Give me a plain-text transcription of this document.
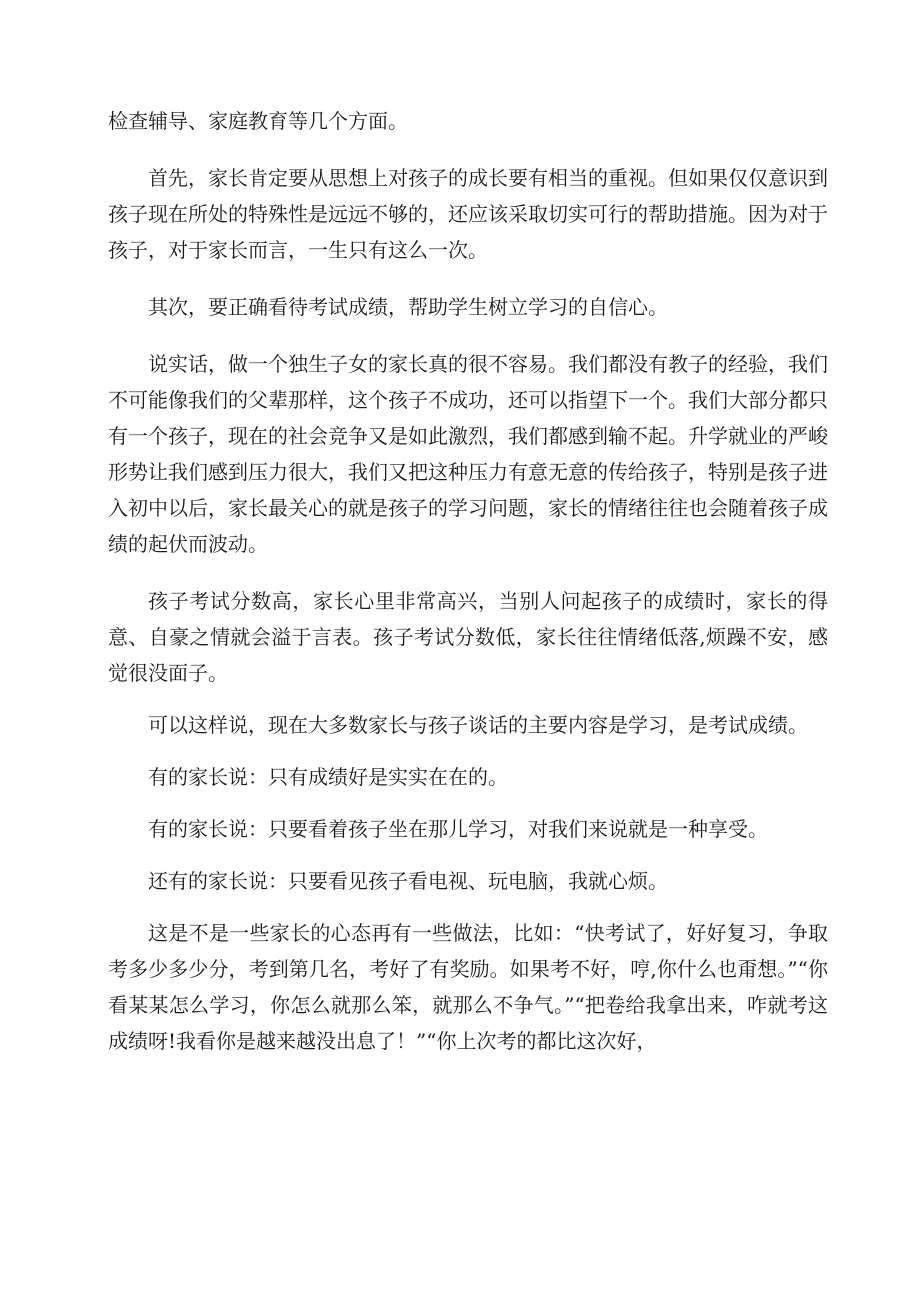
检查辅导、家庭教育等几个方面。

首先，家长肯定要从思想上对孩子的成长要有相当的重视。但如果仅仅意识到孩子现在所处的特殊性是远远不够的，还应该采取切实可行的帮助措施。因为对于孩子，对于家长而言，一生只有这么一次。

其次，要正确看待考试成绩，帮助学生树立学习的自信心。

说实话，做一个独生子女的家长真的很不容易。我们都没有教子的经验，我们不可能像我们的父辈那样，这个孩子不成功，还可以指望下一个。我们大部分都只有一个孩子，现在的社会竞争又是如此激烈，我们都感到输不起。升学就业的严峻形势让我们感到压力很大，我们又把这种压力有意无意的传给孩子，特别是孩子进入初中以后，家长最关心的就是孩子的学习问题，家长的情绪往往也会随着孩子成绩的起伏而波动。

孩子考试分数高，家长心里非常高兴，当别人问起孩子的成绩时，家长的得意、自豪之情就会溢于言表。孩子考试分数低，家长往往情绪低落,烦躁不安，感觉很没面子。

可以这样说，现在大多数家长与孩子谈话的主要内容是学习，是考试成绩。

有的家长说：只有成绩好是实实在在的。

有的家长说：只要看着孩子坐在那儿学习，对我们来说就是一种享受。

还有的家长说：只要看见孩子看电视、玩电脑，我就心烦。

这是不是一些家长的心态再有一些做法，比如：“快考试了，好好复习，争取考多少多少分，考到第几名，考好了有奖励。如果考不好，哼,你什么也甭想。”“你看某某怎么学习，你怎么就那么笨，就那么不争气。”“把卷给我拿出来，咋就考这成绩呀!我看你是越来越没出息了！”“你上次考的都比这次好，
